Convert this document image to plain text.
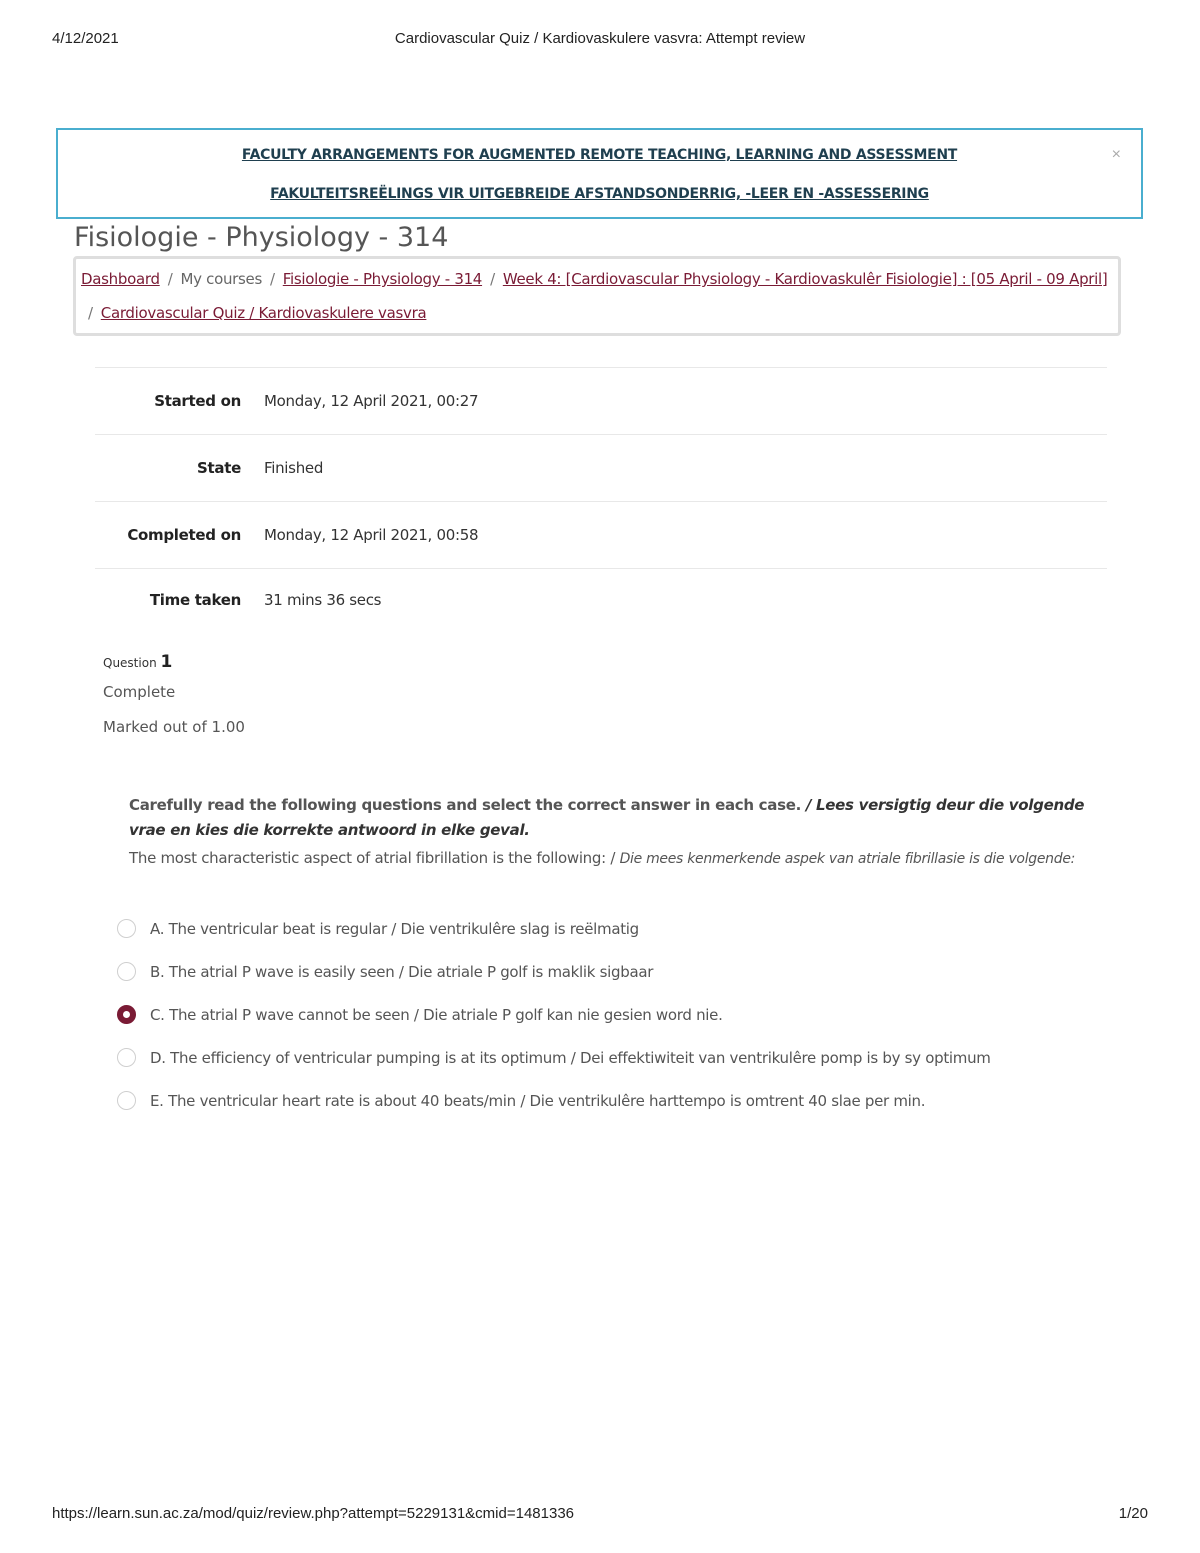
4/12/2021	Cardiovascular Quiz / Kardiovaskulere vasvra: Attempt review
FACULTY ARRANGEMENTS FOR AUGMENTED REMOTE TEACHING, LEARNING AND ASSESSMENT
FAKULTEITSREËLINGS VIR UITGEBREIDE AFSTANDSONDERRIG, -LEER EN -ASSESSERING
×
Fisiologie - Physiology - 314
Dashboard / My courses / Fisiologie - Physiology - 314 / Week 4: [Cardiovascular Physiology - Kardiovaskulêr Fisiologie] : [05 April - 09 April]
/ Cardiovascular Quiz / Kardiovaskulere vasvra
Started on	Monday, 12 April 2021, 00:27
State	Finished
Completed on	Monday, 12 April 2021, 00:58
Time taken	31 mins 36 secs
Question 1
Complete
Marked out of 1.00
Carefully read the following questions and select the correct answer in each case. / Lees versigtig deur die volgende vrae en kies die korrekte antwoord in elke geval.
The most characteristic aspect of atrial fibrillation is the following: / Die mees kenmerkende aspek van atriale fibrillasie is die volgende:
A. The ventricular beat is regular / Die ventrikulêre slag is reëlmatig
B. The atrial P wave is easily seen / Die atriale P golf is maklik sigbaar
C. The atrial P wave cannot be seen / Die atriale P golf kan nie gesien word nie.
D. The efficiency of ventricular pumping is at its optimum / Dei effektiwiteit van ventrikulêre pomp is by sy optimum
E. The ventricular heart rate is about 40 beats/min / Die ventrikulêre harttempo is omtrent 40 slae per min.
https://learn.sun.ac.za/mod/quiz/review.php?attempt=5229131&cmid=1481336	1/20
